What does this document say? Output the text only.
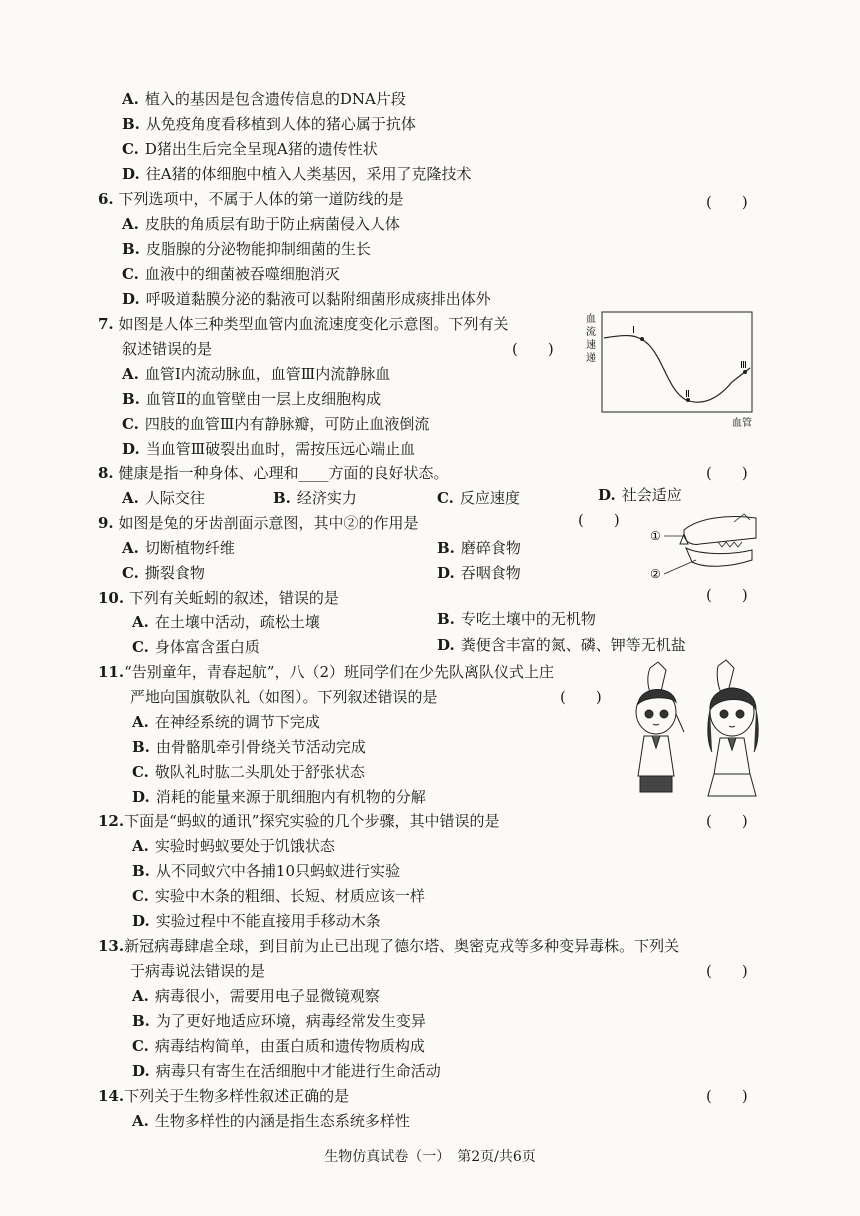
A. 植入的基因是包含遗传信息的DNA片段
B. 从免疫角度看移植到人体的猪心属于抗体
C. D猪出生后完全呈现A猪的遗传性状
D. 往A猪的体细胞中植入人类基因，采用了克隆技术
6. 下列选项中，不属于人体的第一道防线的是	(　　)
A. 皮肤的角质层有助于防止病菌侵入人体
B. 皮脂腺的分泌物能抑制细菌的生长
C. 血液中的细菌被吞噬细胞消灭
D. 呼吸道黏膜分泌的黏液可以黏附细菌形成痰排出体外
7. 如图是人体三种类型血管内血流速度变化示意图。下列有关
叙述错误的是	(　　)
A. 血管Ⅰ内流动脉血，血管Ⅲ内流静脉血
B. 血管Ⅱ的血管壁由一层上皮细胞构成
C. 四肢的血管Ⅲ内有静脉瓣，可防止血液倒流
D. 当血管Ⅲ破裂出血时，需按压远心端止血
血
流
速
递
Ⅰ
Ⅱ
Ⅲ
血管
8. 健康是指一种身体、心理和____方面的良好状态。	(　　)
A. 人际交往	B. 经济实力	C. 反应速度	D. 社会适应
9. 如图是兔的牙齿剖面示意图，其中②的作用是	(　　)
A. 切断植物纤维	B. 磨碎食物
C. 撕裂食物	D. 吞咽食物
①
②
10. 下列有关蚯蚓的叙述，错误的是	(　　)
A. 在土壤中活动，疏松土壤	B. 专吃土壤中的无机物
C. 身体富含蛋白质	D. 粪便含丰富的氮、磷、钾等无机盐
11.“告别童年，青春起航”，八（2）班同学们在少先队离队仪式上庄
严地向国旗敬队礼（如图）。下列叙述错误的是	(　　)
A. 在神经系统的调节下完成
B. 由骨骼肌牵引骨绕关节活动完成
C. 敬队礼时肱二头肌处于舒张状态
D. 消耗的能量来源于肌细胞内有机物的分解
12.下面是“蚂蚁的通讯”探究实验的几个步骤，其中错误的是	(　　)
A. 实验时蚂蚁要处于饥饿状态
B. 从不同蚁穴中各捕10只蚂蚁进行实验
C. 实验中木条的粗细、长短、材质应该一样
D. 实验过程中不能直接用手移动木条
13.新冠病毒肆虐全球，到目前为止已出现了德尔塔、奥密克戎等多种变异毒株。下列关
于病毒说法错误的是	(　　)
A. 病毒很小，需要用电子显微镜观察
B. 为了更好地适应环境，病毒经常发生变异
C. 病毒结构简单，由蛋白质和遗传物质构成
D. 病毒只有寄生在活细胞中才能进行生命活动
14.下列关于生物多样性叙述正确的是	(　　)
A. 生物多样性的内涵是指生态系统多样性
生物仿真试卷（一）　第2页/共6页
